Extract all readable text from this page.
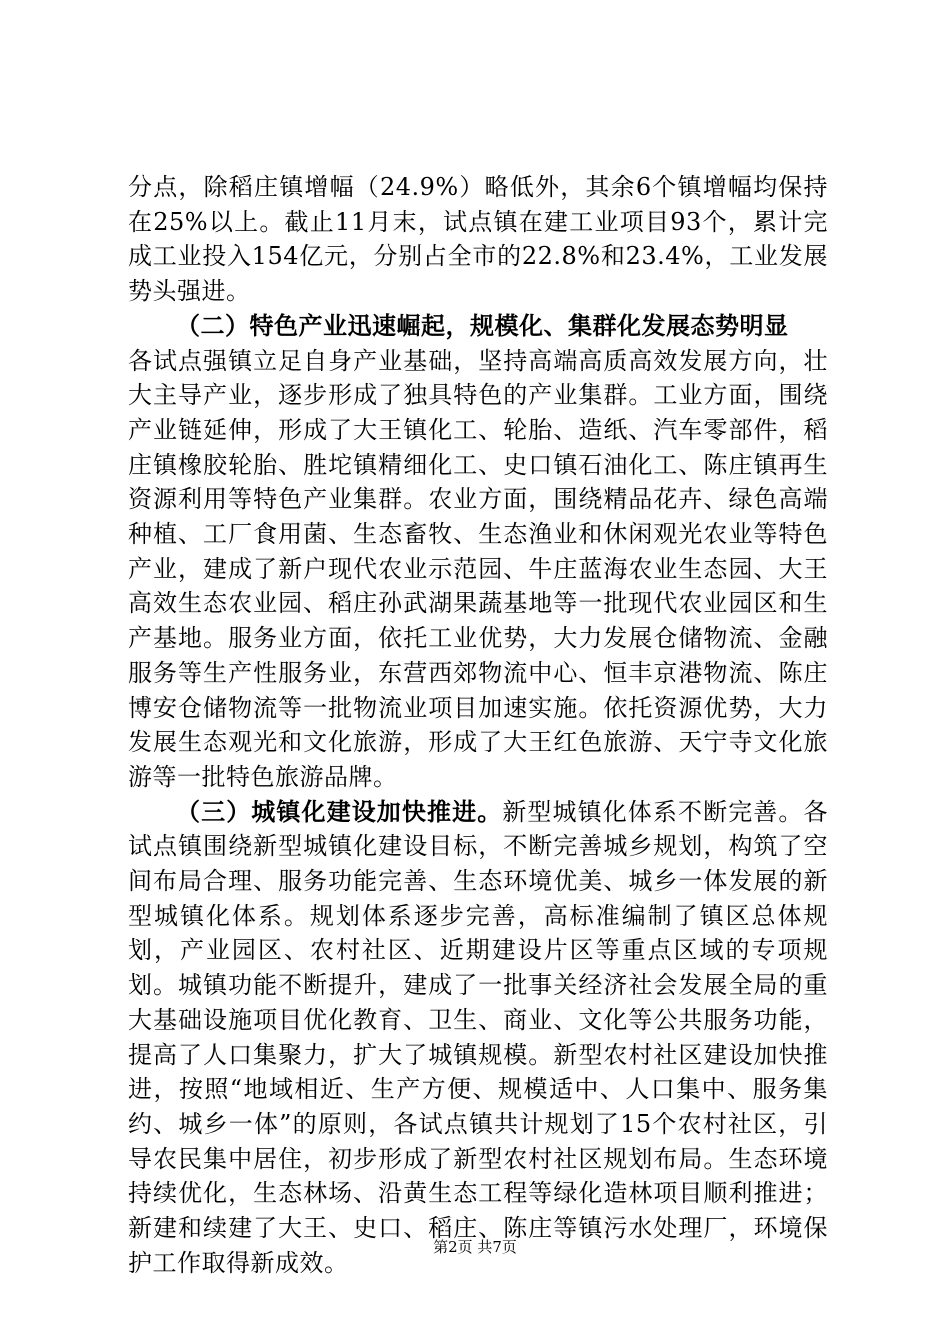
分点，除稻庄镇增幅（24.9%）略低外，其余6个镇增幅均保持在25%以上。截止11月末，试点镇在建工业项目93个，累计完成工业投入154亿元，分别占全市的22.8%和23.4%，工业发展势头强进。

（二）特色产业迅速崛起，规模化、集群化发展态势明显

各试点强镇立足自身产业基础，坚持高端高质高效发展方向，壮大主导产业，逐步形成了独具特色的产业集群。工业方面，围绕产业链延伸，形成了大王镇化工、轮胎、造纸、汽车零部件，稻庄镇橡胶轮胎、胜坨镇精细化工、史口镇石油化工、陈庄镇再生资源利用等特色产业集群。农业方面，围绕精品花卉、绿色高端种植、工厂食用菌、生态畜牧、生态渔业和休闲观光农业等特色产业，建成了新户现代农业示范园、牛庄蓝海农业生态园、大王高效生态农业园、稻庄孙武湖果蔬基地等一批现代农业园区和生产基地。服务业方面，依托工业优势，大力发展仓储物流、金融服务等生产性服务业，东营西郊物流中心、恒丰京港物流、陈庄博安仓储物流等一批物流业项目加速实施。依托资源优势，大力发展生态观光和文化旅游，形成了大王红色旅游、天宁寺文化旅游等一批特色旅游品牌。

（三）城镇化建设加快推进。新型城镇化体系不断完善。各试点镇围绕新型城镇化建设目标，不断完善城乡规划，构筑了空间布局合理、服务功能完善、生态环境优美、城乡一体发展的新型城镇化体系。规划体系逐步完善，高标准编制了镇区总体规划，产业园区、农村社区、近期建设片区等重点区域的专项规划。城镇功能不断提升，建成了一批事关经济社会发展全局的重大基础设施项目优化教育、卫生、商业、文化等公共服务功能，提高了人口集聚力，扩大了城镇规模。新型农村社区建设加快推进，按照“地域相近、生产方便、规模适中、人口集中、服务集约、城乡一体”的原则，各试点镇共计规划了15个农村社区，引导农民集中居住，初步形成了新型农村社区规划布局。生态环境持续优化，生态林场、沿黄生态工程等绿化造林项目顺利推进；新建和续建了大王、史口、稻庄、陈庄等镇污水处理厂，环境保护工作取得新成效。

第2页 共7页
